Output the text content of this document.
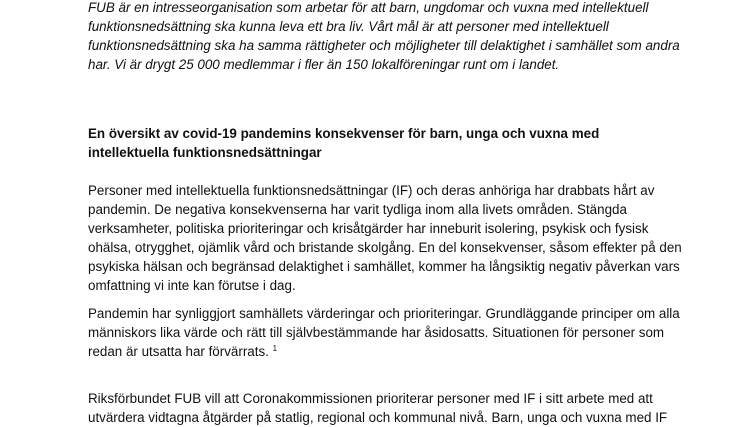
FUB är en intresseorganisation som arbetar för att barn, ungdomar och vuxna med intellektuell
funktionsnedsättning ska kunna leva ett bra liv. Vårt mål är att personer med intellektuell
funktionsnedsättning ska ha samma rättigheter och möjligheter till delaktighet i samhället som andra
har. Vi är drygt 25 000 medlemmar i fler än 150 lokalföreningar runt om i landet.

En översikt av covid-19 pandemins konsekvenser för barn, unga och vuxna med
intellektuella funktionsnedsättningar

Personer med intellektuella funktionsnedsättningar (IF) och deras anhöriga har drabbats hårt av
pandemin. De negativa konsekvenserna har varit tydliga inom alla livets områden. Stängda
verksamheter, politiska prioriteringar och krisåtgärder har inneburit isolering, psykisk och fysisk
ohälsa, otrygghet, ojämlik vård och bristande skolgång. En del konsekvenser, såsom effekter på den
psykiska hälsan och begränsad delaktighet i samhället, kommer ha långsiktig negativ påverkan vars
omfattning vi inte kan förutse i dag.

Pandemin har synliggjort samhällets värderingar och prioriteringar. Grundläggande principer om alla
människors lika värde och rätt till självbestämmande har åsidosatts. Situationen för personer som
redan är utsatta har förvärrats. $^1$

Riksförbundet FUB vill att Coronakommissionen prioriterar personer med IF i sitt arbete med att
utvärdera vidtagna åtgärder på statlig, regional och kommunal nivå. Barn, unga och vuxna med IF
